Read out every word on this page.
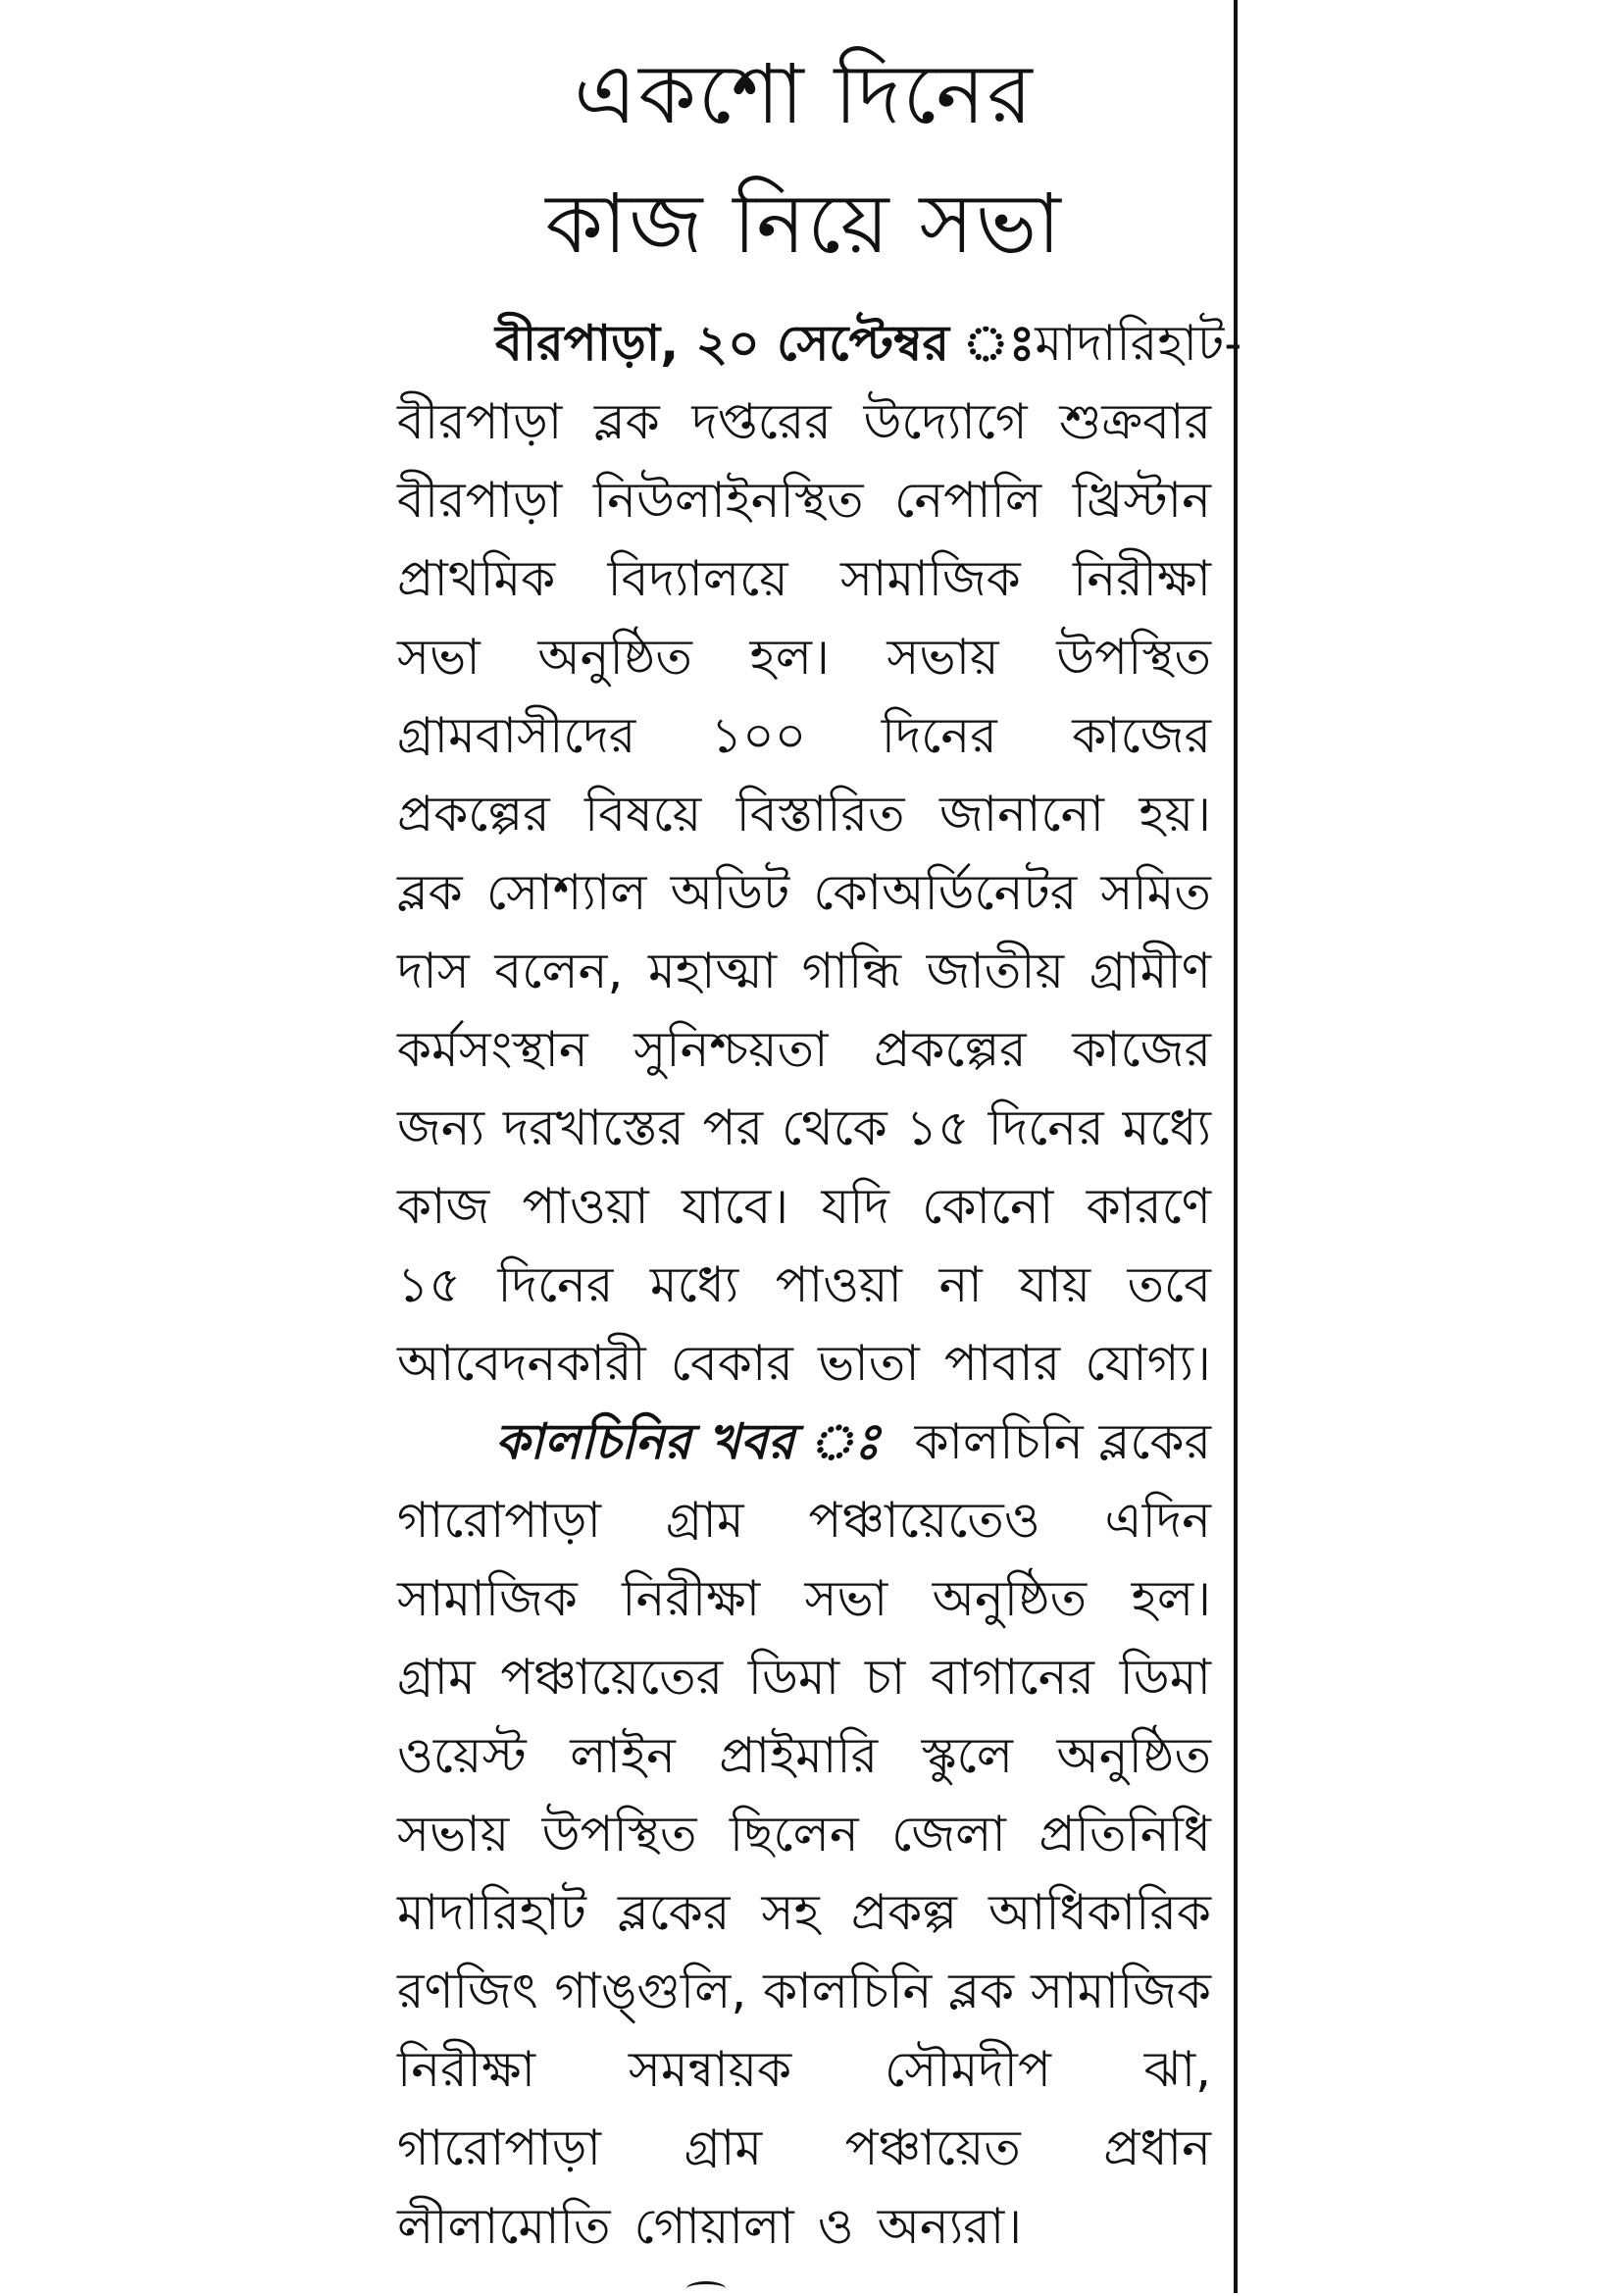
একশো দিনের
কাজ নিয়ে সভা
বীরপাড়া, ২০ সেপ্টেম্বর ঃ মাদারিহাট-
বীরপাড়া ব্লক দপ্তরের উদ্যোগে শুক্রবার
বীরপাড়া নিউলাইনস্থিত নেপালি খ্রিস্টান
প্রাথমিক বিদ্যালয়ে সামাজিক নিরীক্ষা
সভা অনুষ্ঠিত হল। সভায় উপস্থিত
গ্রামবাসীদের ১০০ দিনের কাজের
প্রকল্পের বিষয়ে বিস্তারিত জানানো হয়।
ব্লক সোশ্যাল অডিট কোঅর্ডিনেটর সমিত
দাস বলেন, মহাত্মা গান্ধি জাতীয় গ্রামীণ
কর্মসংস্থান সুনিশ্চয়তা প্রকল্পের কাজের
জন্য দরখাস্তের পর থেকে ১৫ দিনের মধ্যে
কাজ পাওয়া যাবে। যদি কোনো কারণে
১৫ দিনের মধ্যে পাওয়া না যায় তবে
আবেদনকারী বেকার ভাতা পাবার যোগ্য।
কালচিনির খবর ঃ কালচিনি ব্লকের
গারোপাড়া গ্রাম পঞ্চায়েতেও এদিন
সামাজিক নিরীক্ষা সভা অনুষ্ঠিত হল।
গ্রাম পঞ্চায়েতের ডিমা চা বাগানের ডিমা
ওয়েস্ট লাইন প্রাইমারি স্কুলে অনুষ্ঠিত
সভায় উপস্থিত ছিলেন জেলা প্রতিনিধি
মাদারিহাট ব্লকের সহ প্রকল্প আধিকারিক
রণজিৎ গাঙ্গুলি, কালচিনি ব্লক সামাজিক
নিরীক্ষা সমন্বায়ক সৌমদীপ ঝা,
গারোপাড়া গ্রাম পঞ্চায়েত প্রধান
লীলামোতি গোয়ালা ও অন্যরা।
